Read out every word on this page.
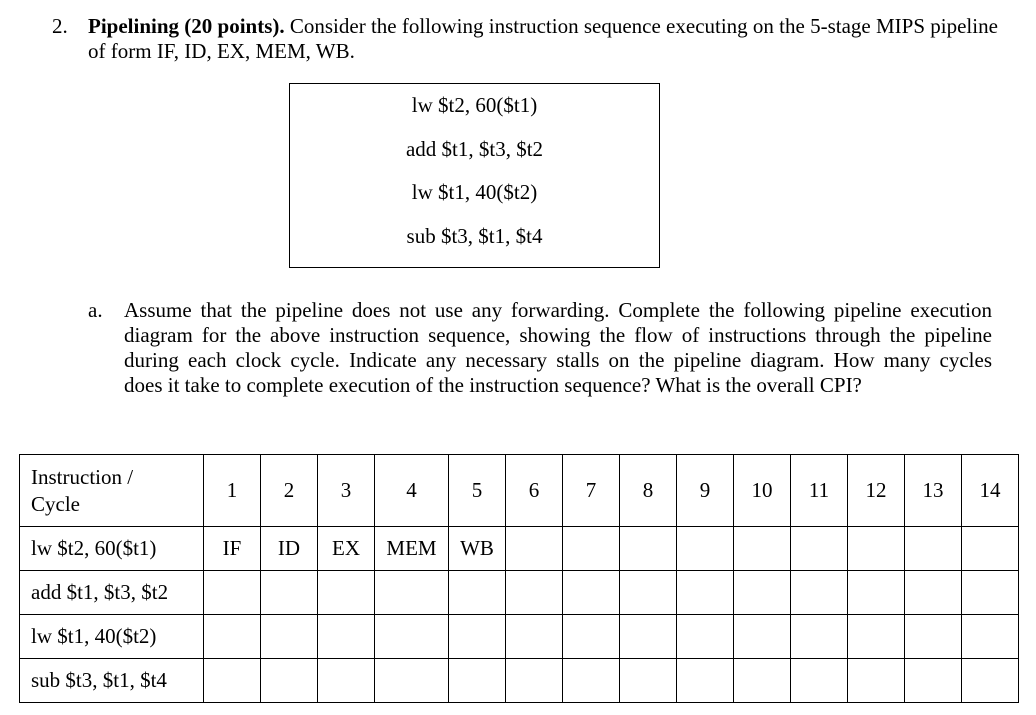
2. Pipelining (20 points). Consider the following instruction sequence executing on the 5-stage MIPS pipeline of form IF, ID, EX, MEM, WB.
lw $t2, 60($t1)
add $t1, $t3, $t2
lw $t1, 40($t2)
sub $t3, $t1, $t4
a. Assume that the pipeline does not use any forwarding. Complete the following pipeline execution
diagram for the above instruction sequence, showing the flow of instructions through the pipeline
during each clock cycle. Indicate any necessary stalls on the pipeline diagram. How many cycles
does it take to complete execution of the instruction sequence? What is the overall CPI?
Instruction /
Cycle	1	2	3	4	5	6	7	8	9	10	11	12	13	14
lw $t2, 60($t1)	IF	ID	EX	MEM	WB									
add $t1, $t3, $t2														
lw $t1, 40($t2)														
sub $t3, $t1, $t4														
